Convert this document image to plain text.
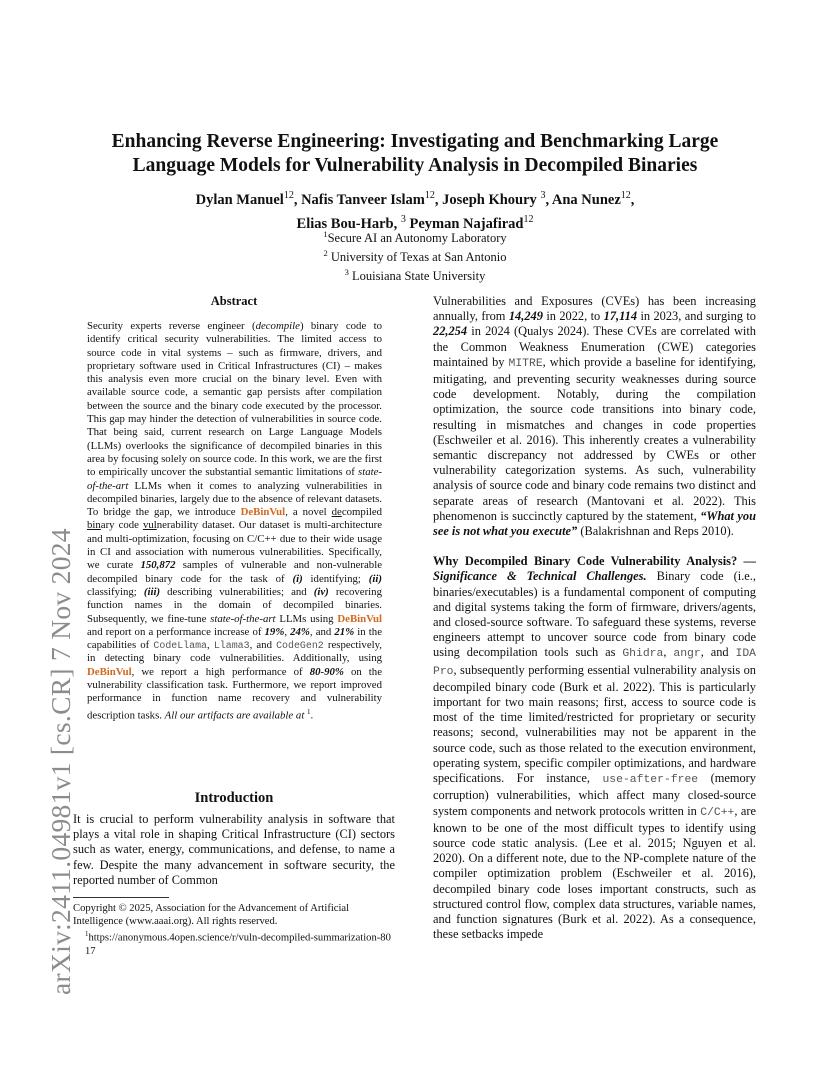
arXiv:2411.04981v1 [cs.CR] 7 Nov 2024
Enhancing Reverse Engineering: Investigating and Benchmarking Large
Language Models for Vulnerability Analysis in Decompiled Binaries
Dylan Manuel$^{12}$, Nafis Tanveer Islam$^{12}$, Joseph Khoury $^3$, Ana Nunez$^{12}$,
Elias Bou-Harb, $^3$ Peyman Najafirad$^{12}$
$^1$Secure AI an Autonomy Laboratory
$^2$ University of Texas at San Antonio
$^3$ Louisiana State University
Abstract
Security experts reverse engineer (decompile) binary code to identify critical security vulnerabilities. The limited access to source code in vital systems – such as firmware, drivers, and proprietary software used in Critical Infrastructures (CI) – makes this analysis even more crucial on the binary level. Even with available source code, a semantic gap persists after compilation between the source and the binary code executed by the processor. This gap may hinder the detection of vulnerabilities in source code. That being said, current research on Large Language Models (LLMs) overlooks the significance of decompiled binaries in this area by focusing solely on source code. In this work, we are the first to empirically uncover the substantial semantic limitations of state-of-the-art LLMs when it comes to analyzing vulnerabilities in decompiled binaries, largely due to the absence of relevant datasets. To bridge the gap, we introduce DeBinVul, a novel decompiled binary code vulnerability dataset. Our dataset is multi-architecture and multi-optimization, focusing on C/C++ due to their wide usage in CI and association with numerous vulnerabilities. Specifically, we curate 150,872 samples of vulnerable and non-vulnerable decompiled binary code for the task of (i) identifying; (ii) classifying; (iii) describing vulnerabilities; and (iv) recovering function names in the domain of decompiled binaries. Subsequently, we fine-tune state-of-the-art LLMs using DeBinVul and report on a performance increase of 19%, 24%, and 21% in the capabilities of CodeLlama, Llama3, and CodeGen2 respectively, in detecting binary code vulnerabilities. Additionally, using DeBinVul, we report a high performance of 80-90% on the vulnerability classification task. Furthermore, we report improved performance in function name recovery and vulnerability description tasks. All our artifacts are available at $^1$.
Introduction
It is crucial to perform vulnerability analysis in software that plays a vital role in shaping Critical Infrastructure (CI) sectors such as water, energy, communications, and defense, to name a few. Despite the many advancement in software security, the reported number of Common
Copyright © 2025, Association for the Advancement of Artificial Intelligence (www.aaai.org). All rights reserved.
$^1$https://anonymous.4open.science/r/vuln-decompiled-summarization-8017

Vulnerabilities and Exposures (CVEs) has been increasing annually, from 14,249 in 2022, to 17,114 in 2023, and surging to 22,254 in 2024 (Qualys 2024). These CVEs are correlated with the Common Weakness Enumeration (CWE) categories maintained by MITRE, which provide a baseline for identifying, mitigating, and preventing security weaknesses during source code development. Notably, during the compilation optimization, the source code transitions into binary code, resulting in mismatches and changes in code properties (Eschweiler et al. 2016). This inherently creates a vulnerability semantic discrepancy not addressed by CWEs or other vulnerability categorization systems. As such, vulnerability analysis of source code and binary code remains two distinct and separate areas of research (Mantovani et al. 2022). This phenomenon is succinctly captured by the statement, “What you see is not what you execute” (Balakrishnan and Reps 2010).

Why Decompiled Binary Code Vulnerability Analysis? — Significance & Technical Challenges. Binary code (i.e., binaries/executables) is a fundamental component of computing and digital systems taking the form of firmware, drivers/agents, and closed-source software. To safeguard these systems, reverse engineers attempt to uncover source code from binary code using decompilation tools such as Ghidra, angr, and IDA Pro, subsequently performing essential vulnerability analysis on decompiled binary code (Burk et al. 2022). This is particularly important for two main reasons; first, access to source code is most of the time limited/restricted for proprietary or security reasons; second, vulnerabilities may not be apparent in the source code, such as those related to the execution environment, operating system, specific compiler optimizations, and hardware specifications. For instance, use-after-free (memory corruption) vulnerabilities, which affect many closed-source system components and network protocols written in C/C++, are known to be one of the most difficult types to identify using source code static analysis. (Lee et al. 2015; Nguyen et al. 2020). On a different note, due to the NP-complete nature of the compiler optimization problem (Eschweiler et al. 2016), decompiled binary code loses important constructs, such as structured control flow, complex data structures, variable names, and function signatures (Burk et al. 2022). As a consequence, these setbacks impede
